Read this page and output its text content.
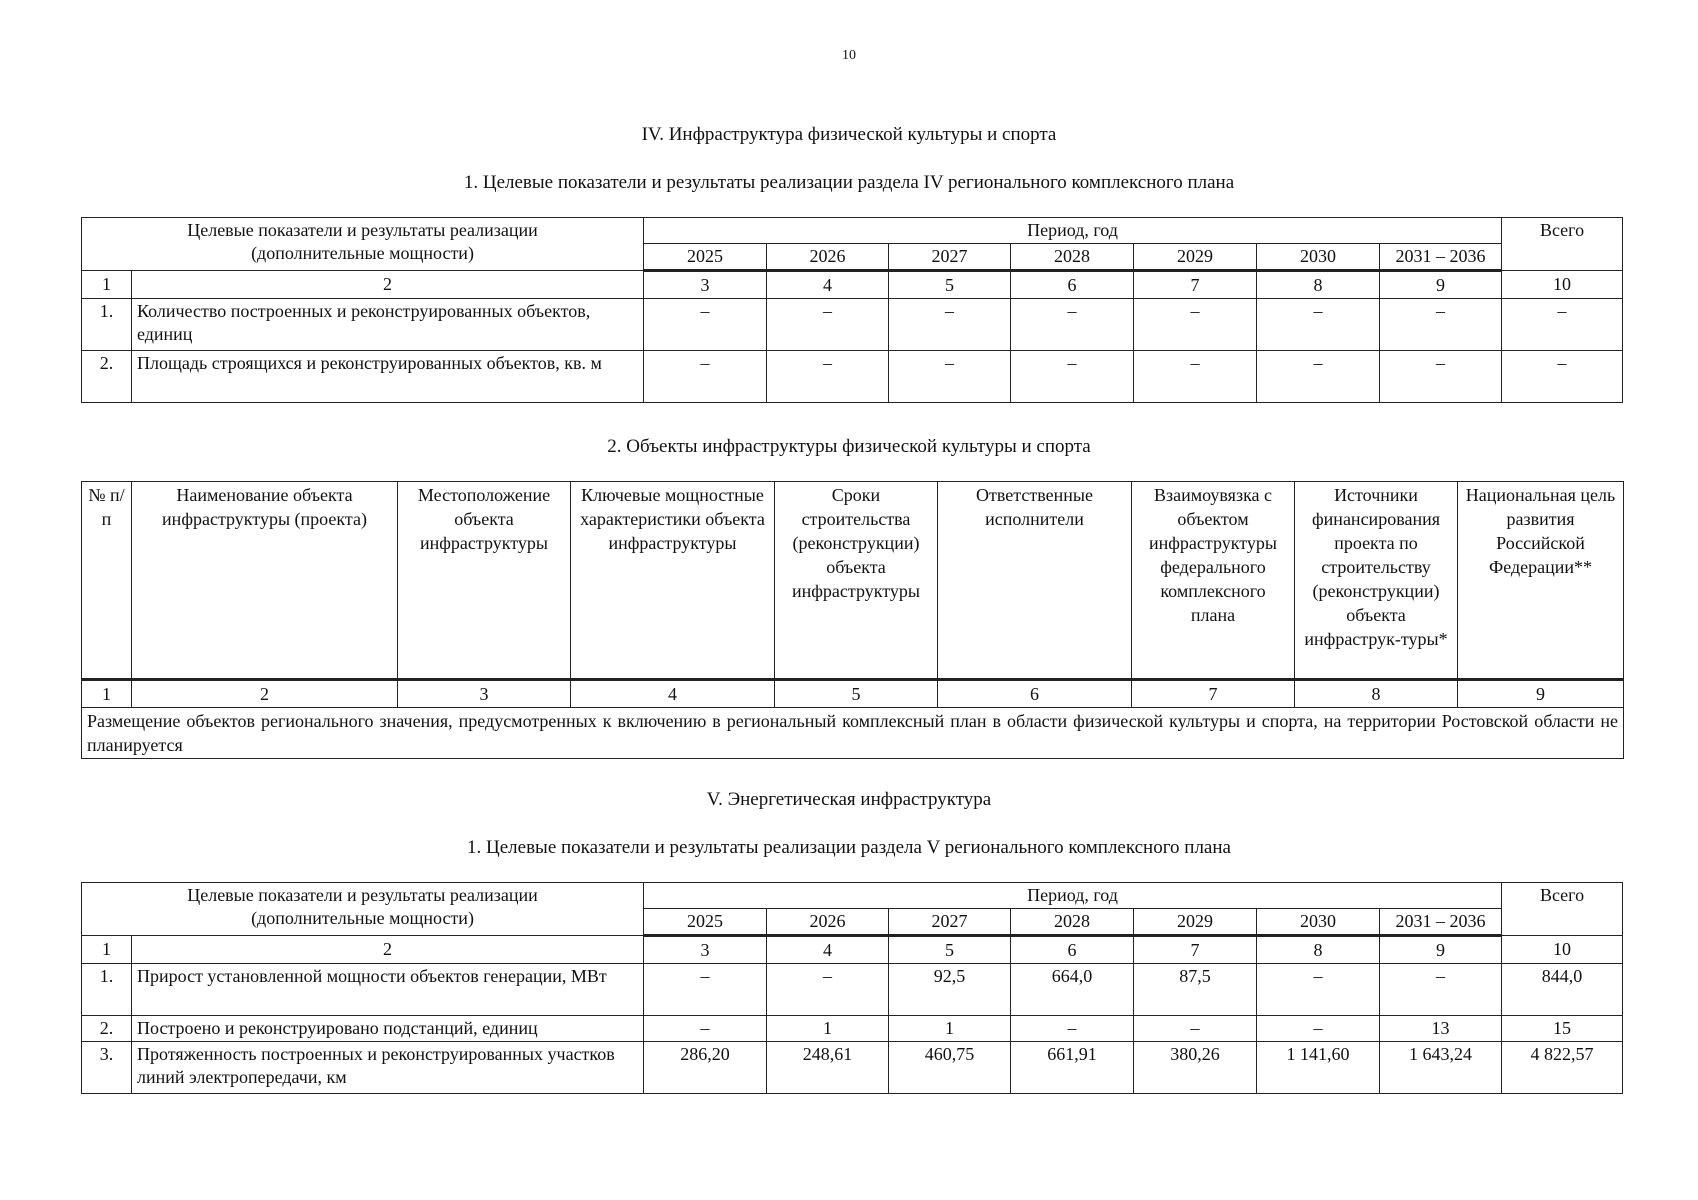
10
IV. Инфраструктура физической культуры и спорта
1. Целевые показатели и результаты реализации раздела IV регионального комплексного плана
Целевые показатели и результаты реализации (дополнительные мощности)		Период, год							Всего
		2025	2026	2027	2028	2029	2030	2031 – 2036	
1	2	3	4	5	6	7	8	9	10
1.	Количество построенных и реконструированных объектов, единиц	–	–	–	–	–	–	–	–
2.	Площадь строящихся и реконструированных объектов, кв. м	–	–	–	–	–	–	–	–
2. Объекты инфраструктуры физической культуры и спорта
№ п/п	Наименование объекта инфраструктуры (проекта)	Местоположение объекта инфраструктуры	Ключевые мощностные характеристики объекта инфраструктуры	Сроки строительства (реконструкции) объекта инфраструктуры	Ответственные исполнители	Взаимоувязка с объектом инфраструктуры федерального комплексного плана	Источники финансирования проекта по строительству (реконструкции) объекта инфраструк-туры*	Национальная цель развития Российской Федерации**
1	2	3	4	5	6	7	8	9
Размещение объектов регионального значения, предусмотренных к включению в региональный комплексный план в области физической культуры и спорта, на территории Ростовской области не планируется								
V. Энергетическая инфраструктура
1. Целевые показатели и результаты реализации раздела V регионального комплексного плана
Целевые показатели и результаты реализации (дополнительные мощности)		Период, год							Всего
		2025	2026	2027	2028	2029	2030	2031 – 2036	
1	2	3	4	5	6	7	8	9	10
1.	Прирост установленной мощности объектов генерации, МВт	–	–	92,5	664,0	87,5	–	–	844,0
2.	Построено и реконструировано подстанций, единиц	–	1	1	–	–	–	13	15
3.	Протяженность построенных и реконструированных участков линий электропередачи, км	286,20	248,61	460,75	661,91	380,26	1 141,60	1 643,24	4 822,57
